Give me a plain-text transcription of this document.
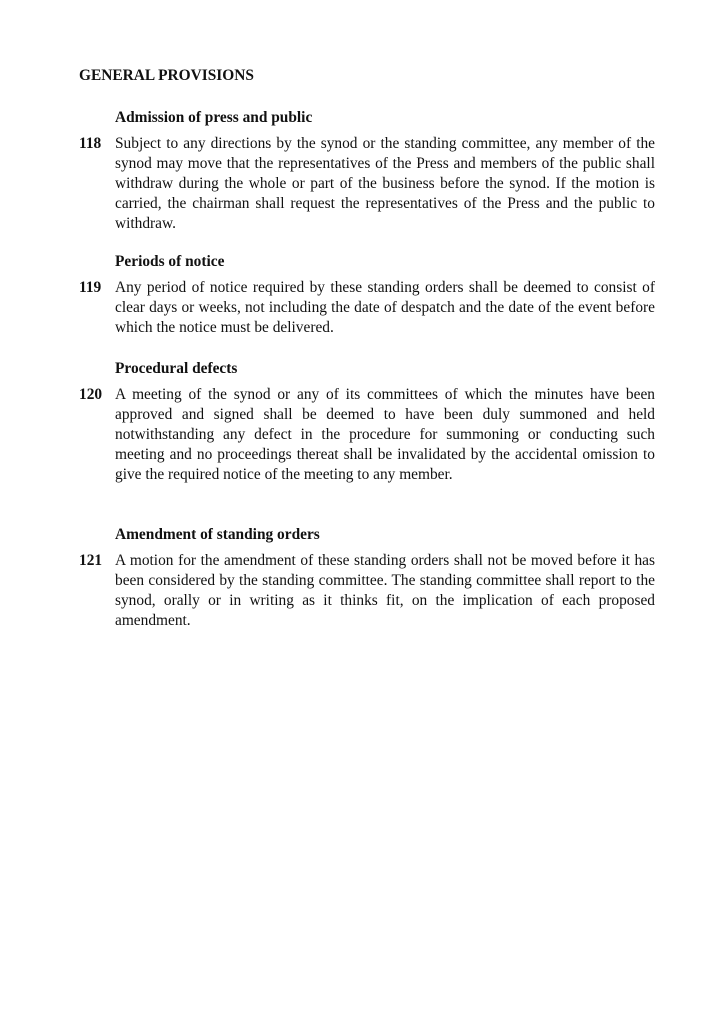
GENERAL PROVISIONS
Admission of press and public
118 Subject to any directions by the synod or the standing committee, any member of the synod may move that the representatives of the Press and members of the public shall withdraw during the whole or part of the business before the synod. If the motion is carried, the chairman shall request the representatives of the Press and the public to withdraw.

Periods of notice
119 Any period of notice required by these standing orders shall be deemed to consist of clear days or weeks, not including the date of despatch and the date of the event before which the notice must be delivered.

Procedural defects
120 A meeting of the synod or any of its committees of which the minutes have been approved and signed shall be deemed to have been duly summoned and held notwithstanding any defect in the procedure for summoning or conducting such meeting and no proceedings thereat shall be invalidated by the accidental omission to give the required notice of the meeting to any member.

Amendment of standing orders
121 A motion for the amendment of these standing orders shall not be moved before it has been considered by the standing committee. The standing committee shall report to the synod, orally or in writing as it thinks fit, on the implication of each proposed amendment.
